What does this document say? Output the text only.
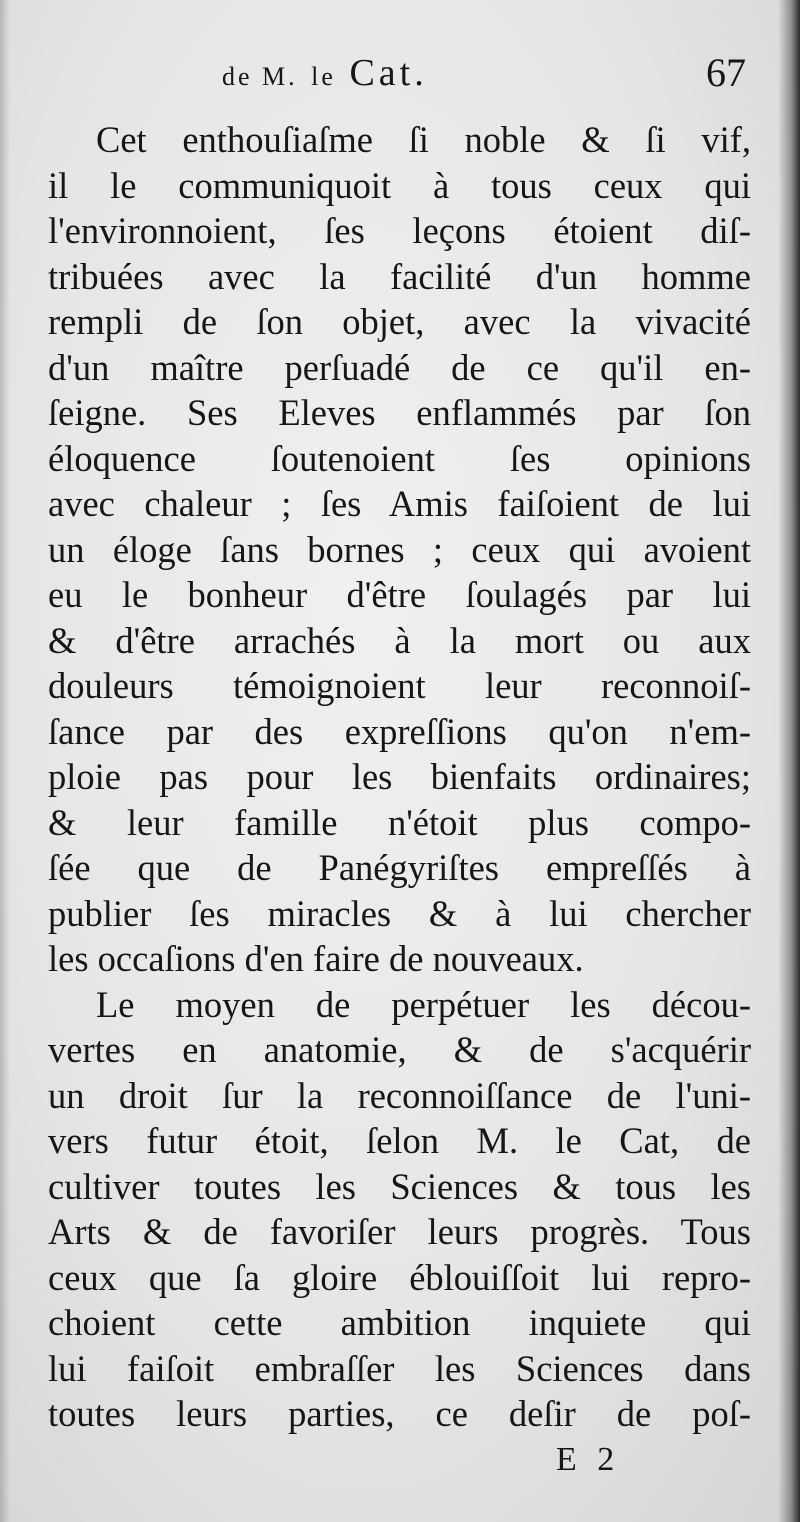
de M. le Cat.	67
Cet enthouſiaſme ſi noble & ſi vif,
il le communiquoit à tous ceux qui
l'environnoient, ſes leçons étoient diſ-
tribuées avec la facilité d'un homme
rempli de ſon objet, avec la vivacité
d'un maître perſuadé de ce qu'il en-
ſeigne. Ses Eleves enflammés par ſon
éloquence ſoutenoient ſes opinions
avec chaleur ; ſes Amis faiſoient de lui
un éloge ſans bornes ; ceux qui avoient
eu le bonheur d'être ſoulagés par lui
& d'être arrachés à la mort ou aux
douleurs témoignoient leur reconnoiſ-
ſance par des expreſſions qu'on n'em-
ploie pas pour les bienfaits ordinaires;
& leur famille n'étoit plus compo-
ſée que de Panégyriſtes empreſſés à
publier ſes miracles & à lui chercher
les occaſions d'en faire de nouveaux.
Le moyen de perpétuer les décou-
vertes en anatomie, & de s'acquérir
un droit ſur la reconnoiſſance de l'uni-
vers futur étoit, ſelon M. le Cat, de
cultiver toutes les Sciences & tous les
Arts & de favoriſer leurs progrès. Tous
ceux que ſa gloire éblouiſſoit lui repro-
choient cette ambition inquiete qui
lui faiſoit embraſſer les Sciences dans
toutes leurs parties, ce deſir de poſ-
E 2
